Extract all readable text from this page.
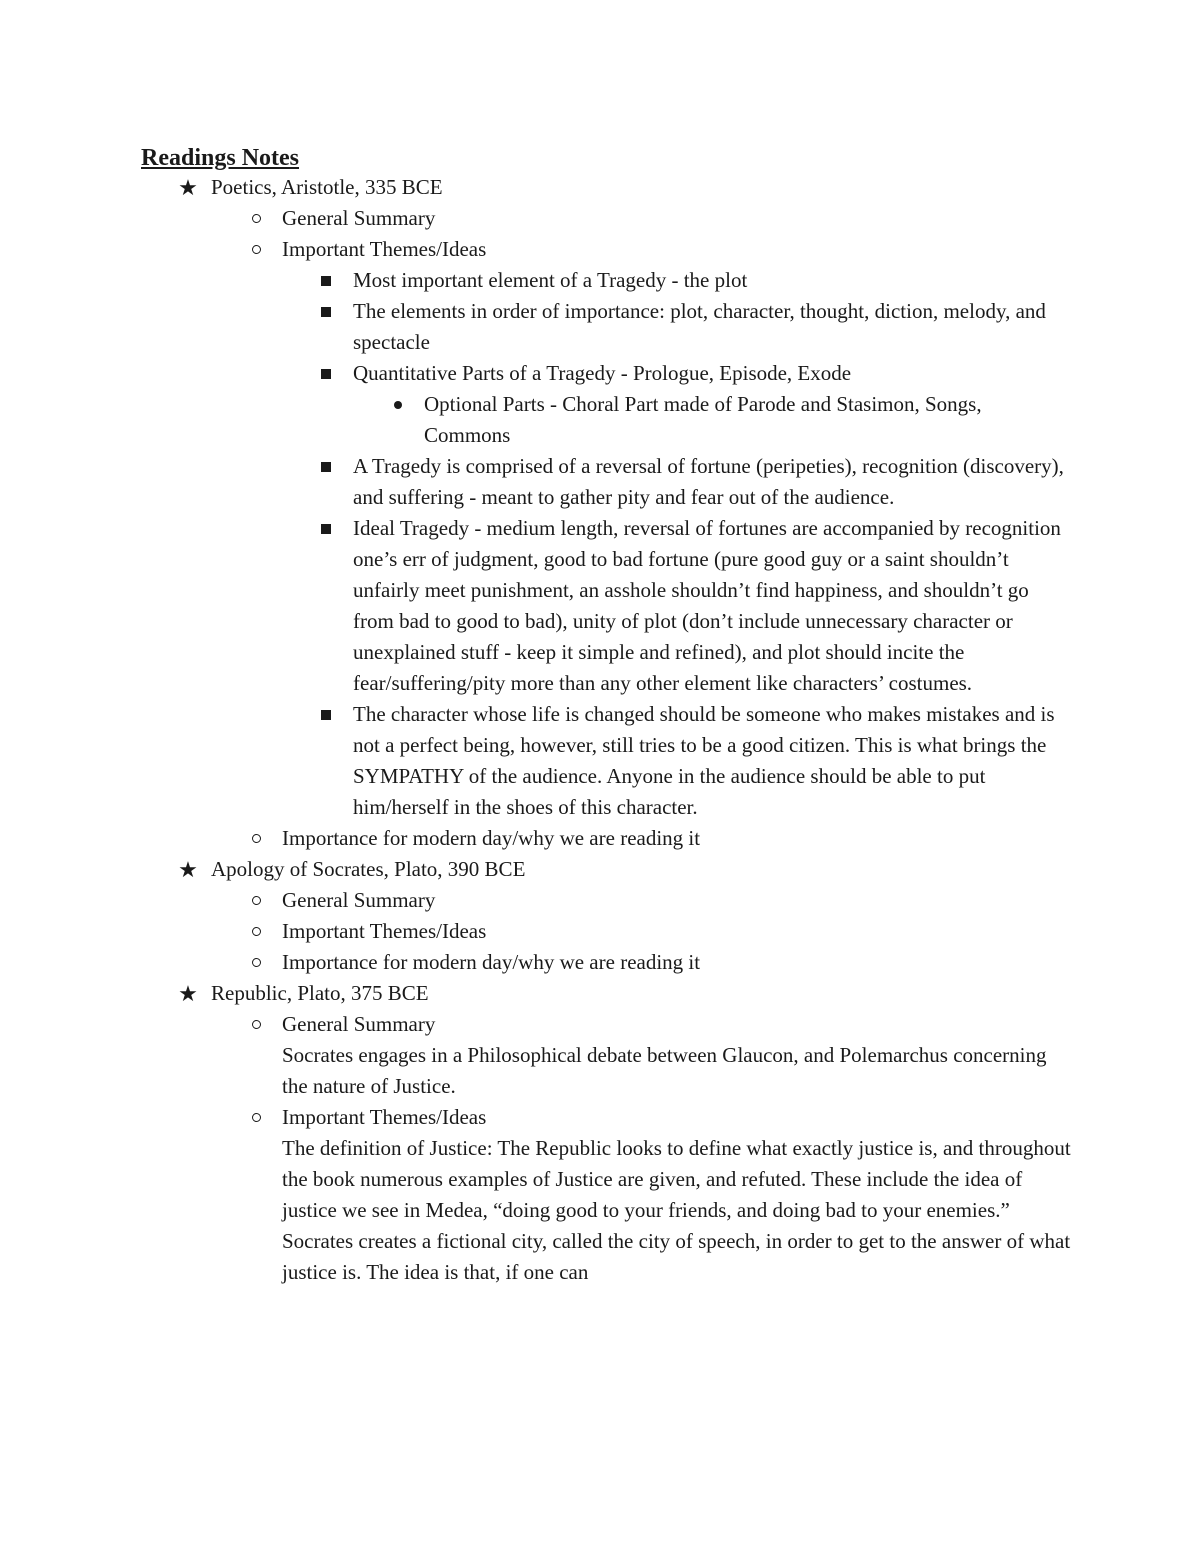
Readings Notes
★ Poetics, Aristotle, 335 BCE
General Summary
Important Themes/Ideas
Most important element of a Tragedy - the plot
The elements in order of importance: plot, character, thought, diction, melody, and spectacle
Quantitative Parts of a Tragedy - Prologue, Episode, Exode
Optional Parts - Choral Part made of Parode and Stasimon, Songs, Commons
A Tragedy is comprised of a reversal of fortune (peripeties), recognition (discovery), and suffering - meant to gather pity and fear out of the audience.
Ideal Tragedy - medium length, reversal of fortunes are accompanied by recognition one’s err of judgment, good to bad fortune (pure good guy or a saint shouldn’t unfairly meet punishment, an asshole shouldn’t find happiness, and shouldn’t go from bad to good to bad), unity of plot (don’t include unnecessary character or unexplained stuff - keep it simple and refined), and plot should incite the fear/suffering/pity more than any other element like characters’ costumes.
The character whose life is changed should be someone who makes mistakes and is not a perfect being, however, still tries to be a good citizen. This is what brings the SYMPATHY of the audience. Anyone in the audience should be able to put him/herself in the shoes of this character.
Importance for modern day/why we are reading it
★ Apology of Socrates, Plato, 390 BCE
General Summary
Important Themes/Ideas
Importance for modern day/why we are reading it
★ Republic, Plato, 375 BCE
General Summary
Socrates engages in a Philosophical debate between Glaucon, and Polemarchus concerning the nature of Justice.
Important Themes/Ideas
The definition of Justice: The Republic looks to define what exactly justice is, and throughout the book numerous examples of Justice are given, and refuted. These include the idea of justice we see in Medea, “doing good to your friends, and doing bad to your enemies.” Socrates creates a fictional city, called the city of speech, in order to get to the answer of what justice is. The idea is that, if one can
